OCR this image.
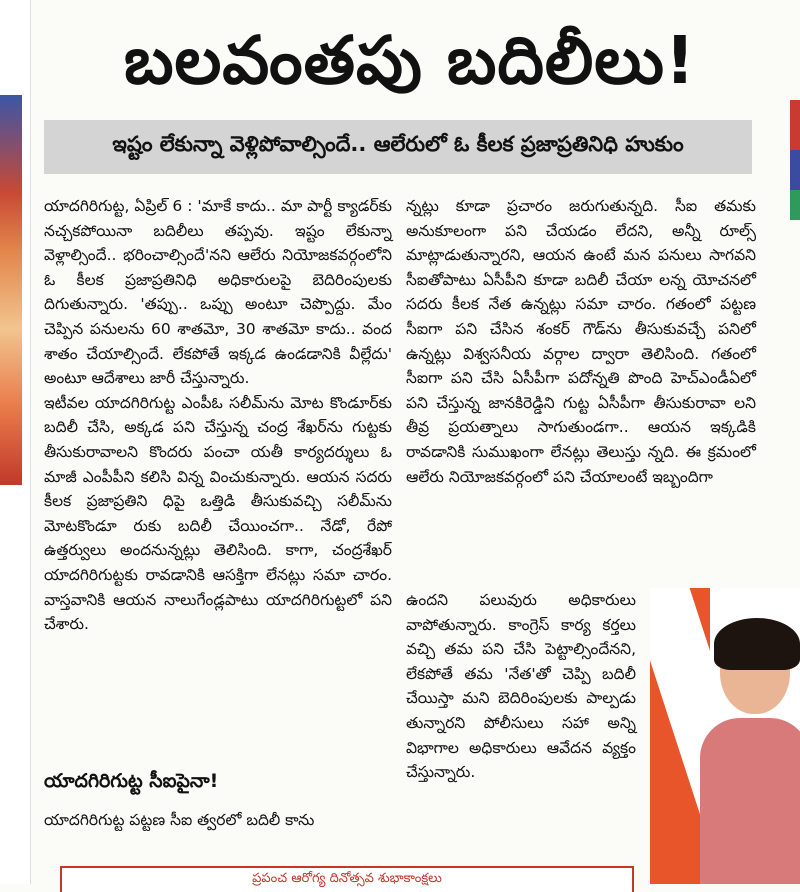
బలవంతపు బదిలీలు!
ఇష్టం లేకున్నా వెళ్లిపోవాల్సిందే.. ఆలేరులో ఓ కీలక ప్రజాప్రతినిధి హుకుం

యాదగిరిగుట్ట, ఏప్రిల్ 6 : 'మాకే కాదు.. మా పార్టీ క్యాడర్‌కు నచ్చకపోయినా బదిలీలు తప్పవు. ఇష్టం లేకున్నా వెళ్లాల్సిందే.. భరించాల్సిందే'నని ఆలేరు నియోజకవర్గంలోని ఓ కీలక ప్రజాప్రతినిధి అధికారులపై బెదిరింపులకు దిగుతున్నారు. 'తప్పు.. ఒప్పు అంటూ చెప్పొద్దు. మేం చెప్పిన పనులను 60 శాతమో, 30 శాతమో కాదు.. వంద శాతం చేయాల్సిందే. లేకపోతే ఇక్కడ ఉండడానికి వీల్లేదు' అంటూ ఆదేశాలు జారీ చేస్తున్నారు.

ఇటీవల యాదగిరిగుట్ట ఎంపీఓ సలీమ్‌ను మోట కొండూర్‌కు బదిలీ చేసి, అక్కడ పని చేస్తున్న చంద్ర శేఖర్‌ను గుట్టకు తీసుకురావాలని కొందరు పంచా యతీ కార్యదర్శులు ఓ మాజీ ఎంపీపీని కలిసి విన్న వించుకున్నారు. ఆయన సదరు కీలక ప్రజాప్రతిని ధిపై ఒత్తిడి తీసుకువచ్చి సలీమ్‌ను మోటకొండూ రుకు బదిలీ చేయించగా.. నేడో, రేపో ఉత్తర్వులు అందనున్నట్లు తెలిసింది. కాగా, చంద్రశేఖర్ యాదగిరిగుట్టకు రావడానికి ఆసక్తిగా లేనట్లు సమా చారం. వాస్తవానికి ఆయన నాలుగేండ్లపాటు యాదగిరిగుట్టలో పని చేశారు.

యాదగిరిగుట్ట సీఐపైనా!

యాదగిరిగుట్ట పట్టణ సీఐ త్వరలో బదిలీ కాను

న్నట్లు కూడా ప్రచారం జరుగుతున్నది. సీఐ తమకు అనుకూలంగా పని చేయడం లేదని, అన్నీ రూల్స్ మాట్లాడుతున్నారని, ఆయన ఉంటే మన పనులు సాగవని సీఐతోపాటు ఏసీపీని కూడా బదిలీ చేయా లన్న యోచనలో సదరు కీలక నేత ఉన్నట్లు సమా చారం. గతంలో పట్టణ సీఐగా పని చేసిన శంకర్ గౌడ్‌ను తీసుకువచ్చే పనిలో ఉన్నట్లు విశ్వసనీయ వర్గాల ద్వారా తెలిసింది. గతంలో సీఐగా పని చేసి ఏసీపీగా పదోన్నతి పొంది హెచ్‌ఎండీఏలో పని చేస్తున్న జానకిరెడ్డిని గుట్ట ఏసీపీగా తీసుకురావా లని తీవ్ర ప్రయత్నాలు సాగుతుండగా.. ఆయన ఇక్కడికి రావడానికి సుముఖంగా లేనట్లు తెలుస్తు న్నది. ఈ క్రమంలో ఆలేరు నియోజకవర్గంలో పని చేయాలంటే ఇబ్బందిగా

ఉందని పలువురు అధికారులు వాపోతున్నారు. కాంగ్రెస్ కార్య కర్తలు వచ్చి తమ పని చేసి పెట్టాల్సిందేనని, లేకపోతే తమ 'నేత'తో చెప్పి బదిలీ చేయిస్తా మని బెదిరింపులకు పాల్పడు తున్నారని పోలీసులు సహా అన్ని విభాగాల అధికారులు ఆవేదన వ్యక్తం చేస్తున్నారు.

ప్రపంచ ఆరోగ్య దినోత్సవ శుభాకాంక్షలు
